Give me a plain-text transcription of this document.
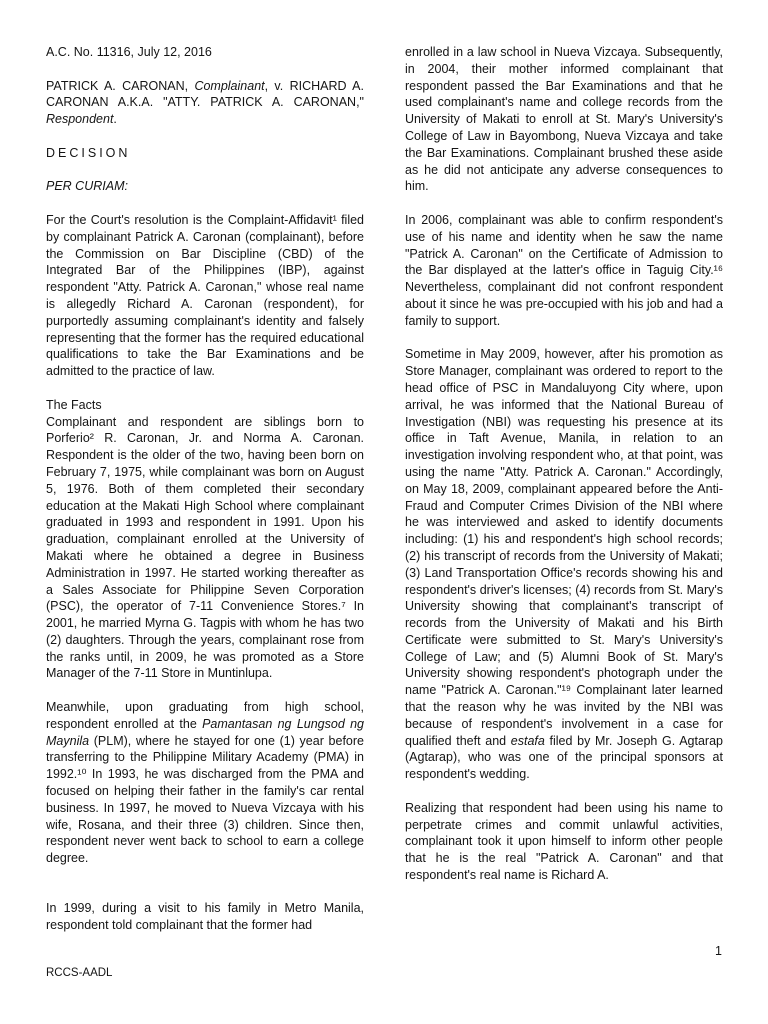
A.C. No. 11316, July 12, 2016

PATRICK A. CARONAN, Complainant, v. RICHARD A. CARONAN A.K.A. "ATTY. PATRICK A. CARONAN," Respondent.

DECISION

PER CURIAM:

For the Court's resolution is the Complaint-Affidavit¹ filed by complainant Patrick A. Caronan (complainant), before the Commission on Bar Discipline (CBD) of the Integrated Bar of the Philippines (IBP), against respondent "Atty. Patrick A. Caronan," whose real name is allegedly Richard A. Caronan (respondent), for purportedly assuming complainant's identity and falsely representing that the former has the required educational qualifications to take the Bar Examinations and be admitted to the practice of law.

The Facts

Complainant and respondent are siblings born to Porferio² R. Caronan, Jr. and Norma A. Caronan. Respondent is the older of the two, having been born on February 7, 1975, while complainant was born on August 5, 1976. Both of them completed their secondary education at the Makati High School where complainant graduated in 1993 and respondent in 1991. Upon his graduation, complainant enrolled at the University of Makati where he obtained a degree in Business Administration in 1997. He started working thereafter as a Sales Associate for Philippine Seven Corporation (PSC), the operator of 7-11 Convenience Stores.⁷ In 2001, he married Myrna G. Tagpis with whom he has two (2) daughters. Through the years, complainant rose from the ranks until, in 2009, he was promoted as a Store Manager of the 7-11 Store in Muntinlupa.

Meanwhile, upon graduating from high school, respondent enrolled at the Pamantasan ng Lungsod ng Maynila (PLM), where he stayed for one (1) year before transferring to the Philippine Military Academy (PMA) in 1992.¹⁰ In 1993, he was discharged from the PMA and focused on helping their father in the family's car rental business. In 1997, he moved to Nueva Vizcaya with his wife, Rosana, and their three (3) children. Since then, respondent never went back to school to earn a college degree.

In 1999, during a visit to his family in Metro Manila, respondent told complainant that the former had

enrolled in a law school in Nueva Vizcaya. Subsequently, in 2004, their mother informed complainant that respondent passed the Bar Examinations and that he used complainant's name and college records from the University of Makati to enroll at St. Mary's University's College of Law in Bayombong, Nueva Vizcaya and take the Bar Examinations. Complainant brushed these aside as he did not anticipate any adverse consequences to him.

In 2006, complainant was able to confirm respondent's use of his name and identity when he saw the name "Patrick A. Caronan" on the Certificate of Admission to the Bar displayed at the latter's office in Taguig City.¹⁶ Nevertheless, complainant did not confront respondent about it since he was pre-occupied with his job and had a family to support.

Sometime in May 2009, however, after his promotion as Store Manager, complainant was ordered to report to the head office of PSC in Mandaluyong City where, upon arrival, he was informed that the National Bureau of Investigation (NBI) was requesting his presence at its office in Taft Avenue, Manila, in relation to an investigation involving respondent who, at that point, was using the name "Atty. Patrick A. Caronan." Accordingly, on May 18, 2009, complainant appeared before the Anti-Fraud and Computer Crimes Division of the NBI where he was interviewed and asked to identify documents including: (1) his and respondent's high school records; (2) his transcript of records from the University of Makati; (3) Land Transportation Office's records showing his and respondent's driver's licenses; (4) records from St. Mary's University showing that complainant's transcript of records from the University of Makati and his Birth Certificate were submitted to St. Mary's University's College of Law; and (5) Alumni Book of St. Mary's University showing respondent's photograph under the name "Patrick A. Caronan."¹⁹ Complainant later learned that the reason why he was invited by the NBI was because of respondent's involvement in a case for qualified theft and estafa filed by Mr. Joseph G. Agtarap (Agtarap), who was one of the principal sponsors at respondent's wedding.

Realizing that respondent had been using his name to perpetrate crimes and commit unlawful activities, complainant took it upon himself to inform other people that he is the real "Patrick A. Caronan" and that respondent's real name is Richard A.

1
RCCS-AADL
